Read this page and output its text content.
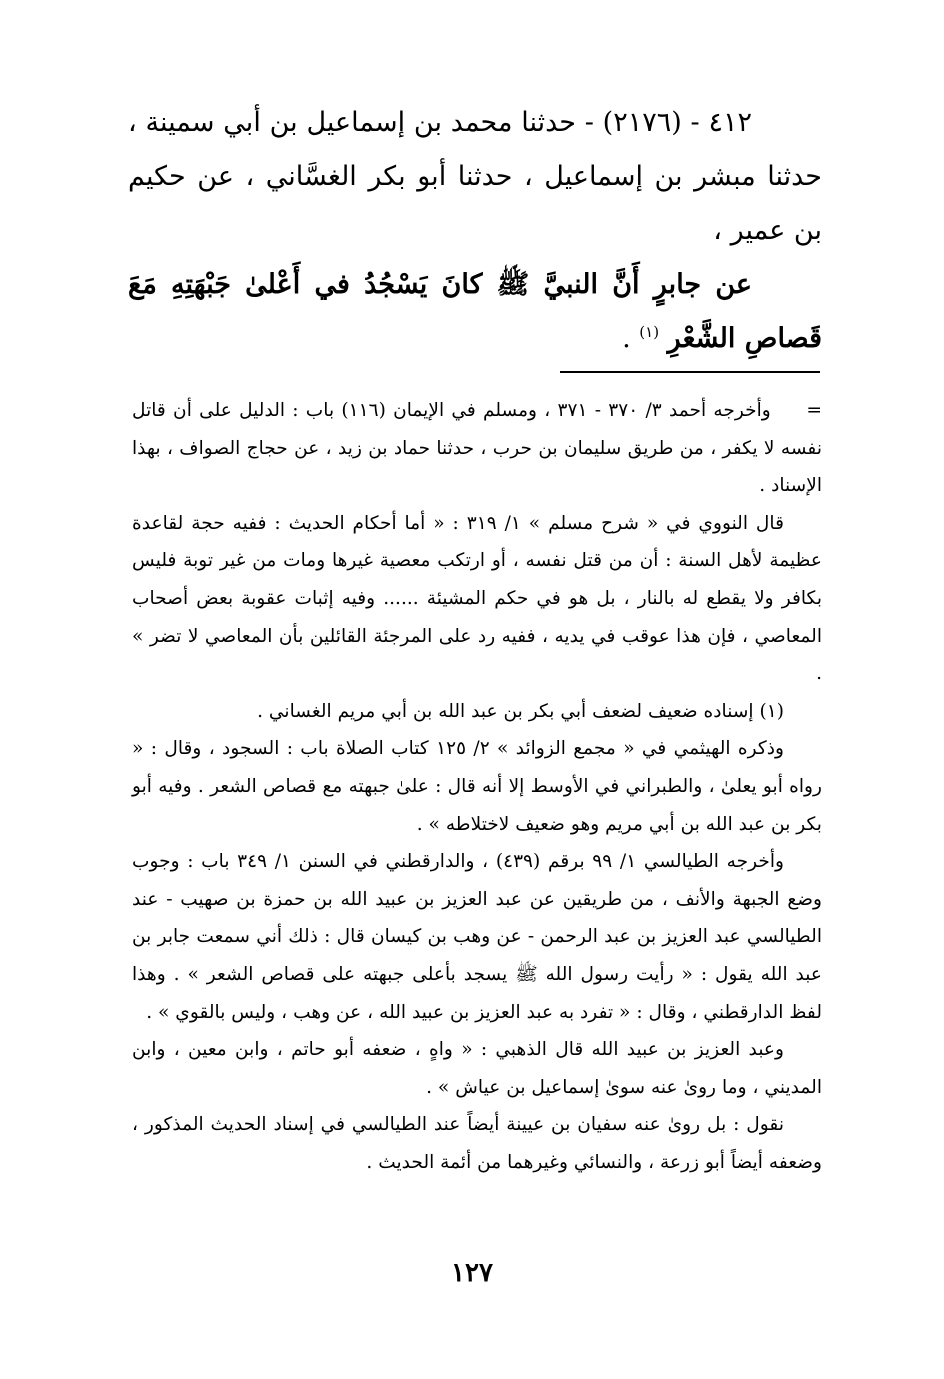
٤١٢ - (٢١٧٦) - حدثنا محمد بن إسماعيل بن أبي سمينة ، حدثنا مبشر بن إسماعيل ، حدثنا أبو بكر الغسَّاني ، عن حكيم بن عمير ،

عن جابرٍ أَنَّ النبيَّ ﷺ كانَ يَسْجُدُ في أَعْلىٰ جَبْهَتِهِ مَعَ قَصاصِ الشَّعْرِ $^{(١)}$ .

= وأخرجه أحمد ٣/ ٣٧٠ - ٣٧١ ، ومسلم في الإيمان (١١٦) باب : الدليل على أن قاتل نفسه لا يكفر ، من طريق سليمان بن حرب ، حدثنا حماد بن زيد ، عن حجاج الصواف ، بهذا الإسناد .

قال النووي في « شرح مسلم » ١/ ٣١٩ : « أما أحكام الحديث : ففيه حجة لقاعدة عظيمة لأهل السنة : أن من قتل نفسه ، أو ارتكب معصية غيرها ومات من غير توبة فليس بكافر ولا يقطع له بالنار ، بل هو في حكم المشيئة ...... وفيه إثبات عقوبة بعض أصحاب المعاصي ، فإن هذا عوقب في يديه ، ففيه رد على المرجئة القائلين بأن المعاصي لا تضر » .

(١) إسناده ضعيف لضعف أبي بكر بن عبد الله بن أبي مريم الغساني .

وذكره الهيثمي في « مجمع الزوائد » ٢/ ١٢٥ كتاب الصلاة باب : السجود ، وقال : « رواه أبو يعلىٰ ، والطبراني في الأوسط إلا أنه قال : علىٰ جبهته مع قصاص الشعر . وفيه أبو بكر بن عبد الله بن أبي مريم وهو ضعيف لاختلاطه » .

وأخرجه الطيالسي ١/ ٩٩ برقم (٤٣٩) ، والدارقطني في السنن ١/ ٣٤٩ باب : وجوب وضع الجبهة والأنف ، من طريقين عن عبد العزيز بن عبيد الله بن حمزة بن صهيب - عند الطيالسي عبد العزيز بن عبد الرحمن - عن وهب بن كيسان قال : ذلك أني سمعت جابر بن عبد الله يقول : « رأيت رسول الله ﷺ يسجد بأعلى جبهته على قصاص الشعر » . وهذا لفظ الدارقطني ، وقال : « تفرد به عبد العزيز بن عبيد الله ، عن وهب ، وليس بالقوي » .

وعبد العزيز بن عبيد الله قال الذهبي : « واهٍ ، ضعفه أبو حاتم ، وابن معين ، وابن المديني ، وما روىٰ عنه سوىٰ إسماعيل بن عياش » .

نقول : بل روىٰ عنه سفيان بن عيينة أيضاً عند الطيالسي في إسناد الحديث المذكور ، وضعفه أيضاً أبو زرعة ، والنسائي وغيرهما من أئمة الحديث .

١٢٧
